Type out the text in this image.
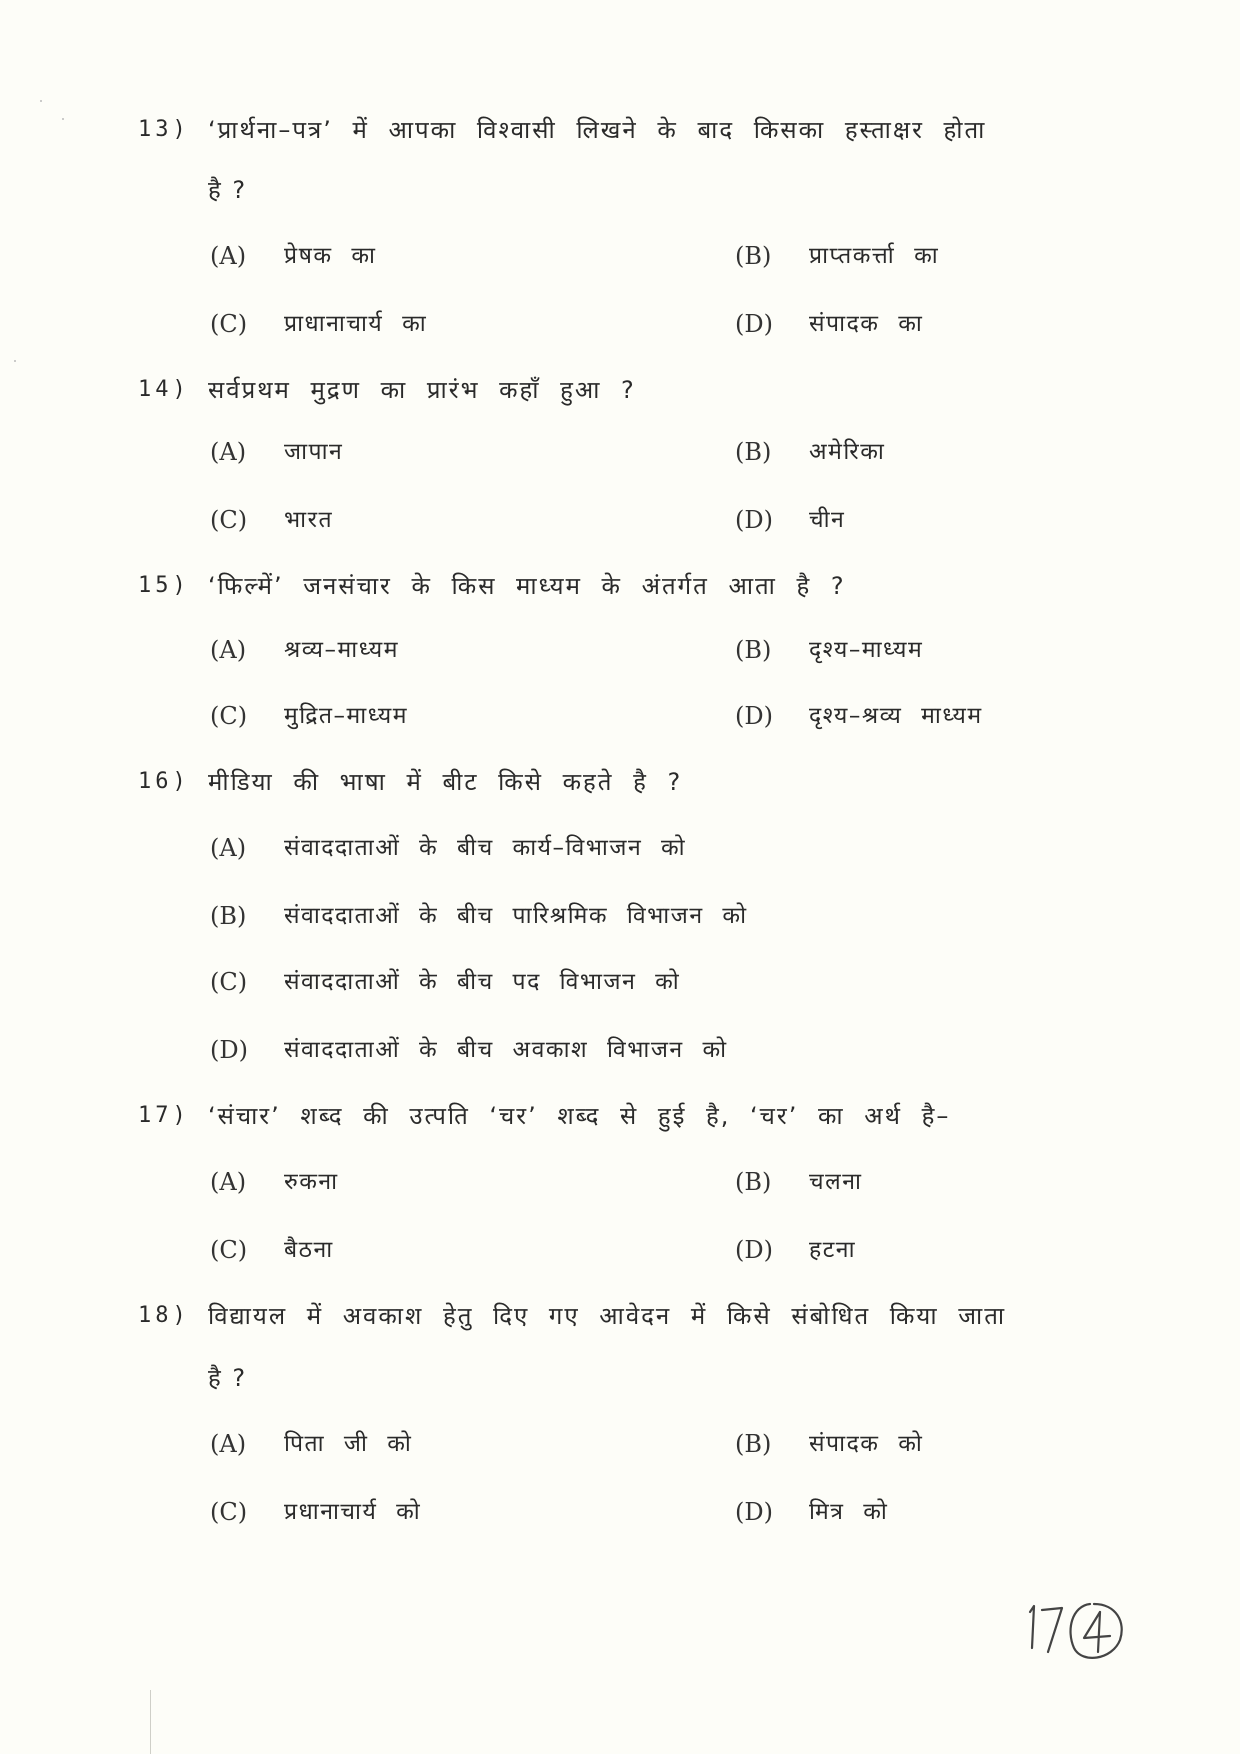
13) ‘प्रार्थना–पत्र’ में आपका विश्वासी लिखने के बाद किसका हस्ताक्षर होता
है ?
(A) प्रेषक का	(B) प्राप्तकर्त्ता का
(C) प्राधानाचार्य का	(D) संपादक का
14) सर्वप्रथम मुद्रण का प्रारंभ कहाँ हुआ ?
(A) जापान	(B) अमेरिका
(C) भारत	(D) चीन
15) ‘फिल्में’ जनसंचार के किस माध्यम के अंतर्गत आता है ?
(A) श्रव्य–माध्यम	(B) दृश्य–माध्यम
(C) मुद्रित–माध्यम	(D) दृश्य–श्रव्य माध्यम
16) मीडिया की भाषा में बीट किसे कहते है ?
(A) संवाददाताओं के बीच कार्य–विभाजन को
(B) संवाददाताओं के बीच पारिश्रमिक विभाजन को
(C) संवाददाताओं के बीच पद विभाजन को
(D) संवाददाताओं के बीच अवकाश विभाजन को
17) ‘संचार’ शब्द की उत्पति ‘चर’ शब्द से हुई है, ‘चर’ का अर्थ है–
(A) रुकना	(B) चलना
(C) बैठना	(D) हटना
18) विद्यायल में अवकाश हेतु दिए गए आवेदन में किसे संबोधित किया जाता
है ?
(A) पिता जी को	(B) संपादक को
(C) प्रधानाचार्य को	(D) मित्र को
